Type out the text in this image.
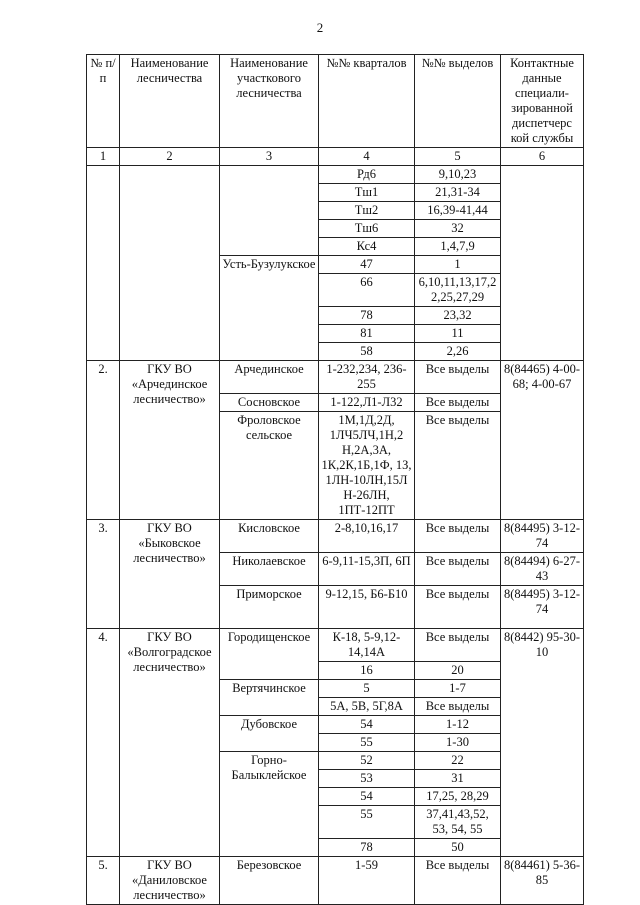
2
№ п/п	Наименование лесничества	Наименование участкового лесничества	№№ кварталов	№№ выделов	Контактные данные специали-зированной диспетчерс кой службы
1	2	3	4	5	6
			Рд6	9,10,23	
			Тш1	21,31-34	
			Тш2	16,39-41,44	
			Тш6	32	
			Кс4	1,4,7,9	
		Усть-Бузулукское	47	1	
			66	6,10,11,13,17,2 2,25,27,29	
			78	23,32	
			81	11	
			58	2,26	
2.	ГКУ ВО «Арчединское лесничество»	Арчединское	1-232,234, 236-255	Все выделы	8(84465) 4-00-68; 4-00-67
		Сосновское	1-122,Л1-Л32	Все выделы	
		Фроловское сельское	1М,1Д,2Д, 1ЛЧ5ЛЧ,1Н,2 Н,2А,3А, 1К,2К,1Б,1Ф, 1З, 1ЛН-10ЛН,15ЛН-26ЛН, 1ПТ-12ПТ	Все выделы	
3.	ГКУ ВО «Быковское лесничество»	Кисловское	2-8,10,16,17	Все выделы	8(84495) 3-12-74
		Николаевское	6-9,11-15,3П, 6П	Все выделы	8(84494) 6-27-43
		Приморское	9-12,15, Б6-Б10	Все выделы	8(84495) 3-12-74
4.	ГКУ ВО «Волгоградское лесничество»	Городищенское	К-18, 5-9,12-14,14А	Все выделы	8(8442) 95-30-10
			16	20	
		Вертячинское	5	1-7	
			5А, 5В, 5Г,8А	Все выделы	
		Дубовское	54	1-12	
			55	1-30	
		Горно-Балыклейское	52	22	
			53	31	
			54	17,25, 28,29	
			55	37,41,43,52, 53, 54, 55	
			78	50	
5.	ГКУ ВО «Даниловское лесничество»	Березовское	1-59	Все выделы	8(84461) 5-36-85
